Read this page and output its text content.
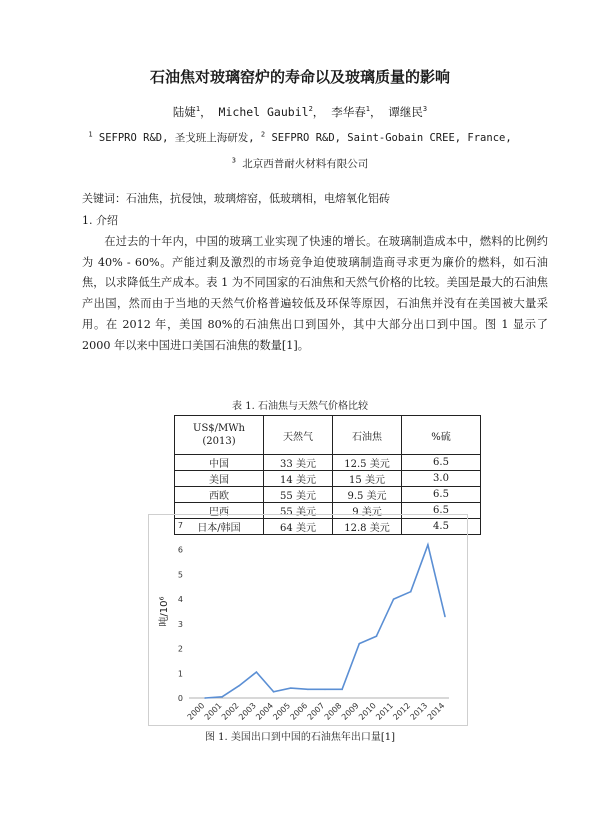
石油焦对玻璃窑炉的寿命以及玻璃质量的影响
陆婕$^1$， Michel Gaubil$^2$， 李华春$^1$， 谭继民$^3$
$^1$ SEFPRO R&D, 圣戈班上海研发, $^2$ SEFPRO R&D, Saint-Gobain CREE, France,
$^3$ 北京西普耐火材料有限公司
关键词：石油焦，抗侵蚀，玻璃熔窑，低玻璃相，电熔氧化铝砖
1. 介绍

在过去的十年内，中国的玻璃工业实现了快速的增长。在玻璃制造成本中，燃料的比例约为 40% - 60%。产能过剩及激烈的市场竞争迫使玻璃制造商寻求更为廉价的燃料，如石油焦，以求降低生产成本。表 1 为不同国家的石油焦和天然气价格的比较。美国是最大的石油焦产出国，然而由于当地的天然气价格普遍较低及环保等原因，石油焦并没有在美国被大量采用。在 2012 年，美国 80%的石油焦出口到国外，其中大部分出口到中国。图 1 显示了 2000 年以来中国进口美国石油焦的数量[1]。

表 1. 石油焦与天然气价格比较
US$/MWh
(2013)	天然气	石油焦	%硫
中国	33 美元	12.5 美元	6.5
美国	14 美元	15 美元	3.0
西欧	55 美元	9.5 美元	6.5
巴西	55 美元	9 美元	6.5
日本/韩国	64 美元	12.8 美元	4.5
0
1
2
3
4
5
6
7
吨/10⁶
2000
2001
2002
2003
2004
2005
2006
2007
2008
2009
2010
2011
2012
2013
2014
图 1. 美国出口到中国的石油焦年出口量[1]
